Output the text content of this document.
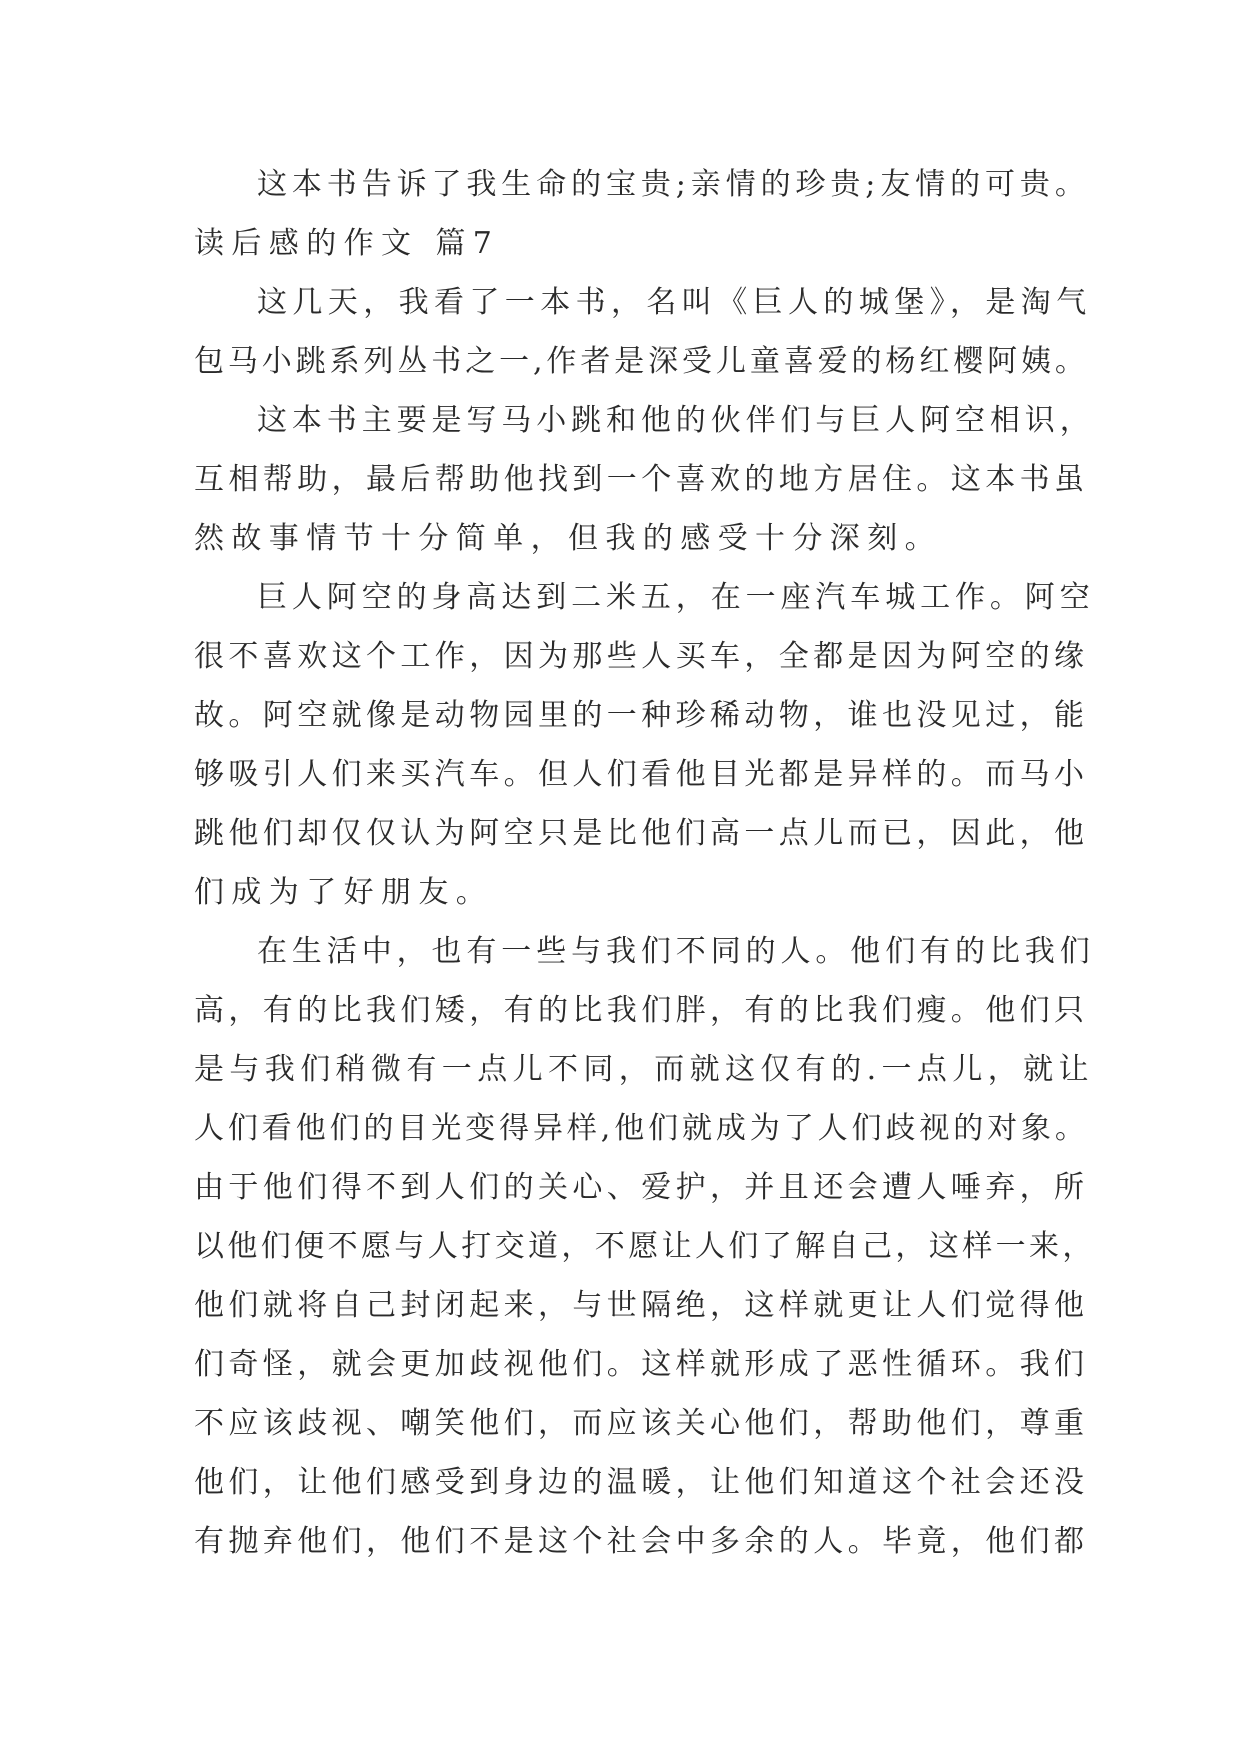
这本书告诉了我生命的宝贵;亲情的珍贵;友情的可贵。

读后感的作文 篇7

这几天，我看了一本书，名叫《巨人的城堡》，是淘气

包马小跳系列丛书之一,作者是深受儿童喜爱的杨红樱阿姨。

这本书主要是写马小跳和他的伙伴们与巨人阿空相识，

互相帮助，最后帮助他找到一个喜欢的地方居住。这本书虽

然故事情节十分简单，但我的感受十分深刻。

巨人阿空的身高达到二米五，在一座汽车城工作。阿空

很不喜欢这个工作，因为那些人买车，全都是因为阿空的缘

故。阿空就像是动物园里的一种珍稀动物，谁也没见过，能

够吸引人们来买汽车。但人们看他目光都是异样的。而马小

跳他们却仅仅认为阿空只是比他们高一点儿而已，因此，他

们成为了好朋友。

在生活中，也有一些与我们不同的人。他们有的比我们

高，有的比我们矮，有的比我们胖，有的比我们瘦。他们只

是与我们稍微有一点儿不同，而就这仅有的.一点儿，就让

人们看他们的目光变得异样,他们就成为了人们歧视的对象。

由于他们得不到人们的关心、爱护，并且还会遭人唾弃，所

以他们便不愿与人打交道，不愿让人们了解自己，这样一来，

他们就将自己封闭起来，与世隔绝，这样就更让人们觉得他

们奇怪，就会更加歧视他们。这样就形成了恶性循环。我们

不应该歧视、嘲笑他们，而应该关心他们，帮助他们，尊重

他们，让他们感受到身边的温暖，让他们知道这个社会还没

有抛弃他们，他们不是这个社会中多余的人。毕竟，他们都
